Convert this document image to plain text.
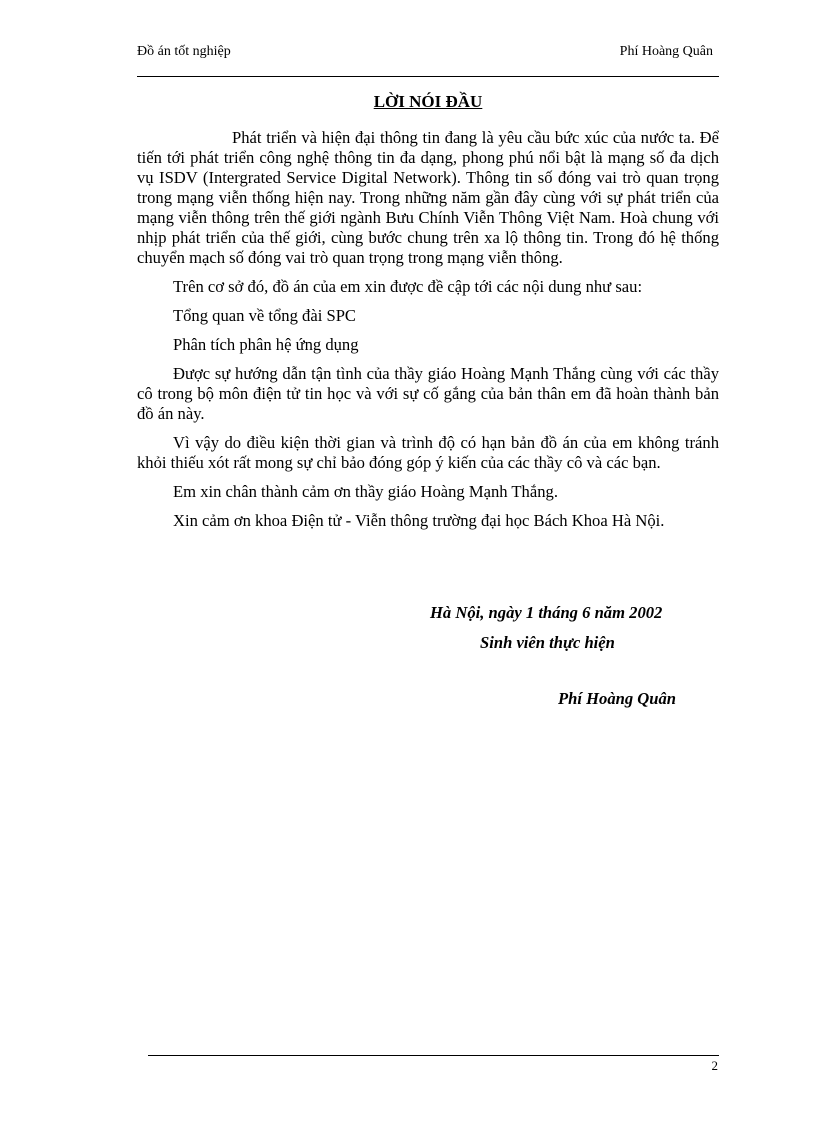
Đồ án tốt nghiệp	Phí Hoàng Quân
LỜI NÓI ĐẦU

Phát triển và hiện đại thông tin đang là yêu cầu bức xúc của nước ta. Để tiến tới phát triển công nghệ thông tin đa dạng, phong phú nổi bật là mạng số đa dịch vụ ISDV (Intergrated Service Digital Network). Thông tin số đóng vai trò quan trọng trong mạng viễn thống hiện nay. Trong những năm gần đây cùng với sự phát triển của mạng viễn thông trên thế giới ngành Bưu Chính Viễn Thông Việt Nam. Hoà chung với nhịp phát triển của thế giới, cùng bước chung trên xa lộ thông tin. Trong đó hệ thống chuyển mạch số đóng vai trò quan trọng trong mạng viễn thông.

Trên cơ sở đó, đồ án của em xin được đề cập tới các nội dung như sau:

Tổng quan về tổng đài SPC

Phân tích phân hệ ứng dụng

Được sự hướng dẫn tận tình của thầy giáo Hoàng Mạnh Thắng cùng với các thầy cô trong bộ môn điện tử tin học và với sự cố gắng của bản thân em đã hoàn thành bản đồ án này.

Vì vậy do điều kiện thời gian và trình độ có hạn bản đồ án của em không tránh khỏi thiếu xót rất mong sự chỉ bảo đóng góp ý kiến của các thầy cô và các bạn.

Em xin chân thành cảm ơn thầy giáo Hoàng Mạnh Thắng.

Xin cảm ơn khoa Điện tử - Viễn thông trường đại học Bách Khoa Hà Nội.

Hà Nội, ngày 1 tháng 6 năm 2002
Sinh viên thực hiện
Phí Hoàng Quân
2
